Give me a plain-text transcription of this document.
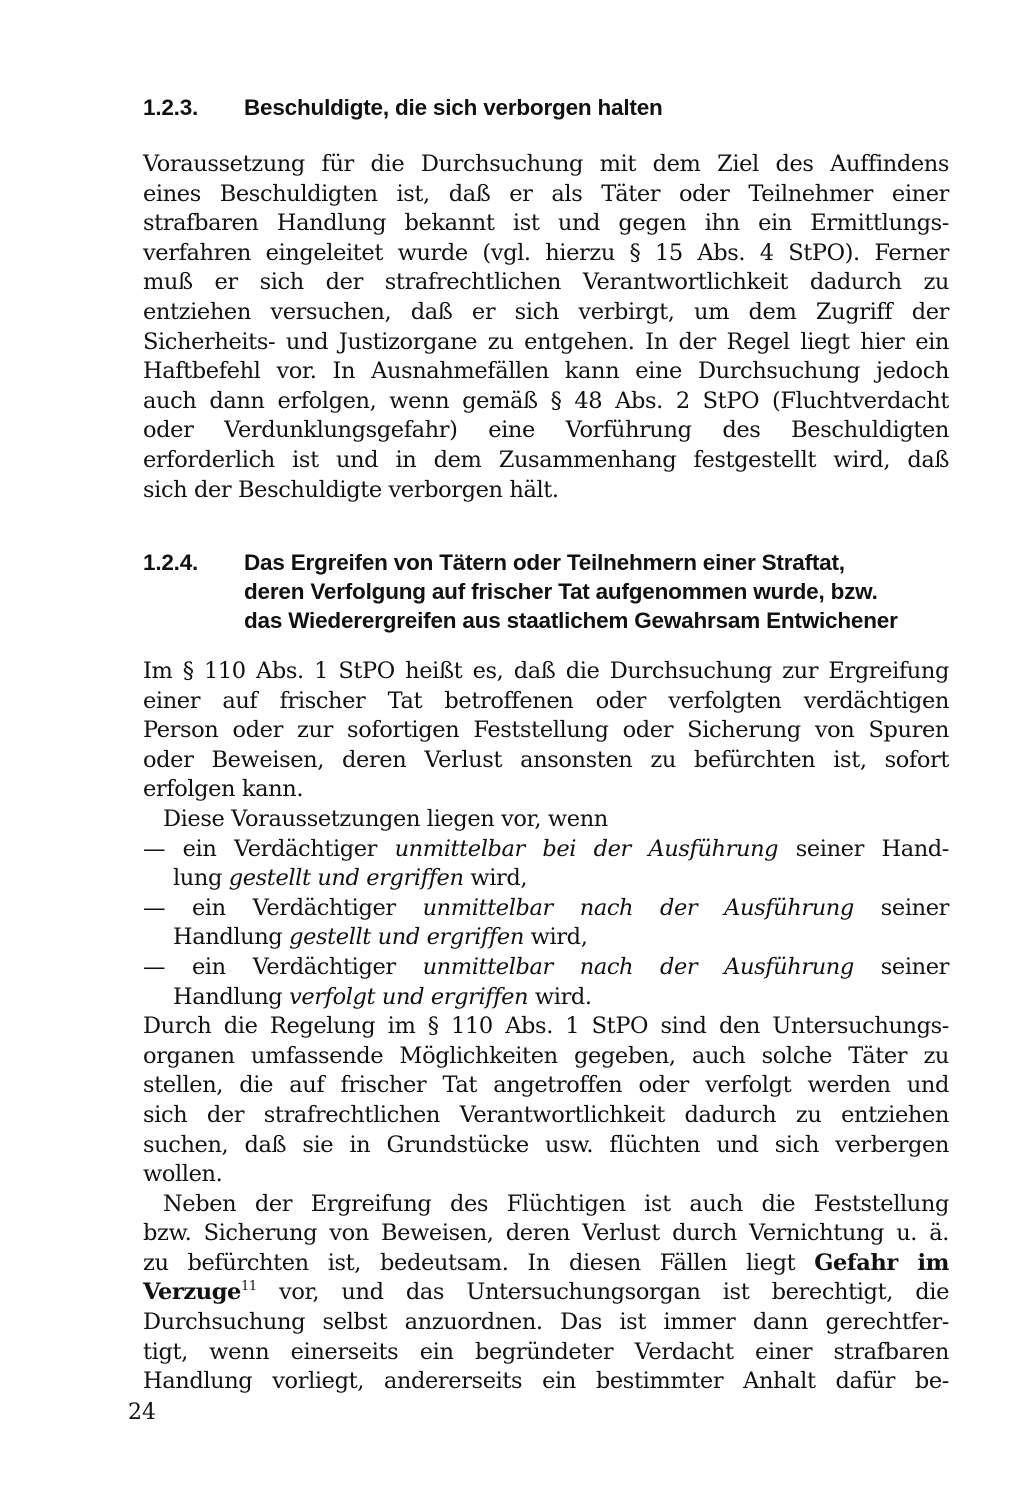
1.2.3. Beschuldigte, die sich verborgen halten
Voraussetzung für die Durchsuchung mit dem Ziel des Auffindens
eines Beschuldigten ist, daß er als Täter oder Teilnehmer einer
strafbaren Handlung bekannt ist und gegen ihn ein Ermittlungs-
verfahren eingeleitet wurde (vgl. hierzu § 15 Abs. 4 StPO). Ferner
muß er sich der strafrechtlichen Verantwortlichkeit dadurch zu
entziehen versuchen, daß er sich verbirgt, um dem Zugriff der
Sicherheits- und Justizorgane zu entgehen. In der Regel liegt hier ein
Haftbefehl vor. In Ausnahmefällen kann eine Durchsuchung jedoch
auch dann erfolgen, wenn gemäß § 48 Abs. 2 StPO (Fluchtverdacht
oder Verdunklungsgefahr) eine Vorführung des Beschuldigten
erforderlich ist und in dem Zusammenhang festgestellt wird, daß
sich der Beschuldigte verborgen hält.
1.2.4. Das Ergreifen von Tätern oder Teilnehmern einer Straftat,
deren Verfolgung auf frischer Tat aufgenommen wurde, bzw.
das Wiederergreifen aus staatlichem Gewahrsam Entwichener
Im § 110 Abs. 1 StPO heißt es, daß die Durchsuchung zur Ergreifung
einer auf frischer Tat betroffenen oder verfolgten verdächtigen
Person oder zur sofortigen Feststellung oder Sicherung von Spuren
oder Beweisen, deren Verlust ansonsten zu befürchten ist, sofort
erfolgen kann.
Diese Voraussetzungen liegen vor, wenn
— ein Verdächtiger unmittelbar bei der Ausführung seiner Hand-
lung gestellt und ergriffen wird,
— ein Verdächtiger unmittelbar nach der Ausführung seiner
Handlung gestellt und ergriffen wird,
— ein Verdächtiger unmittelbar nach der Ausführung seiner
Handlung verfolgt und ergriffen wird.
Durch die Regelung im § 110 Abs. 1 StPO sind den Untersuchungs-
organen umfassende Möglichkeiten gegeben, auch solche Täter zu
stellen, die auf frischer Tat angetroffen oder verfolgt werden und
sich der strafrechtlichen Verantwortlichkeit dadurch zu entziehen
suchen, daß sie in Grundstücke usw. flüchten und sich verbergen
wollen.
Neben der Ergreifung des Flüchtigen ist auch die Feststellung
bzw. Sicherung von Beweisen, deren Verlust durch Vernichtung u. ä.
zu befürchten ist, bedeutsam. In diesen Fällen liegt Gefahr im
Verzuge$^{11}$ vor, und das Untersuchungsorgan ist berechtigt, die
Durchsuchung selbst anzuordnen. Das ist immer dann gerechtfer-
tigt, wenn einerseits ein begründeter Verdacht einer strafbaren
Handlung vorliegt, andererseits ein bestimmter Anhalt dafür be-
24
